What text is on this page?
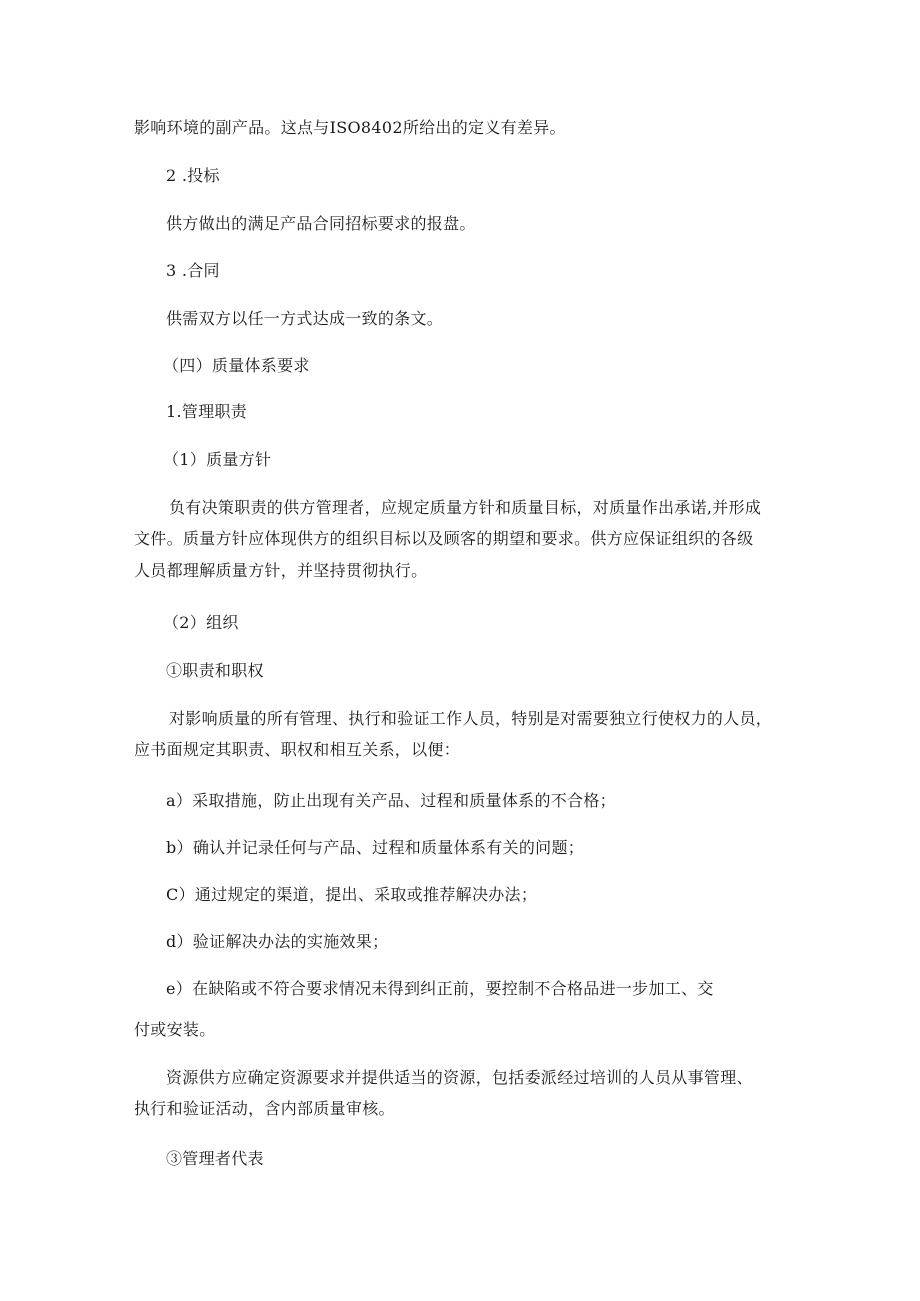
影响环境的副产品。这点与ISO8402所给出的定义有差异。
2 .投标
供方做出的满足产品合同招标要求的报盘。
3 .合同
供需双方以任一方式达成一致的条文。
（四）质量体系要求
1.管理职责
（1）质量方针
负有决策职责的供方管理者，应规定质量方针和质量目标，对质量作出承诺,并形成
文件。质量方针应体现供方的组织目标以及顾客的期望和要求。供方应保证组织的各级
人员都理解质量方针，并坚持贯彻执行。
（2）组织
①职责和职权
对影响质量的所有管理、执行和验证工作人员，特别是对需要独立行使权力的人员，
应书面规定其职责、职权和相互关系，以便：
a）采取措施，防止出现有关产品、过程和质量体系的不合格；
b）确认并记录任何与产品、过程和质量体系有关的问题；
C）通过规定的渠道，提出、采取或推荐解决办法；
d）验证解决办法的实施效果；
e）在缺陷或不符合要求情况未得到纠正前，要控制不合格品进一步加工、交
付或安装。
资源供方应确定资源要求并提供适当的资源，包括委派经过培训的人员从事管理、
执行和验证活动，含内部质量审核。
③管理者代表
